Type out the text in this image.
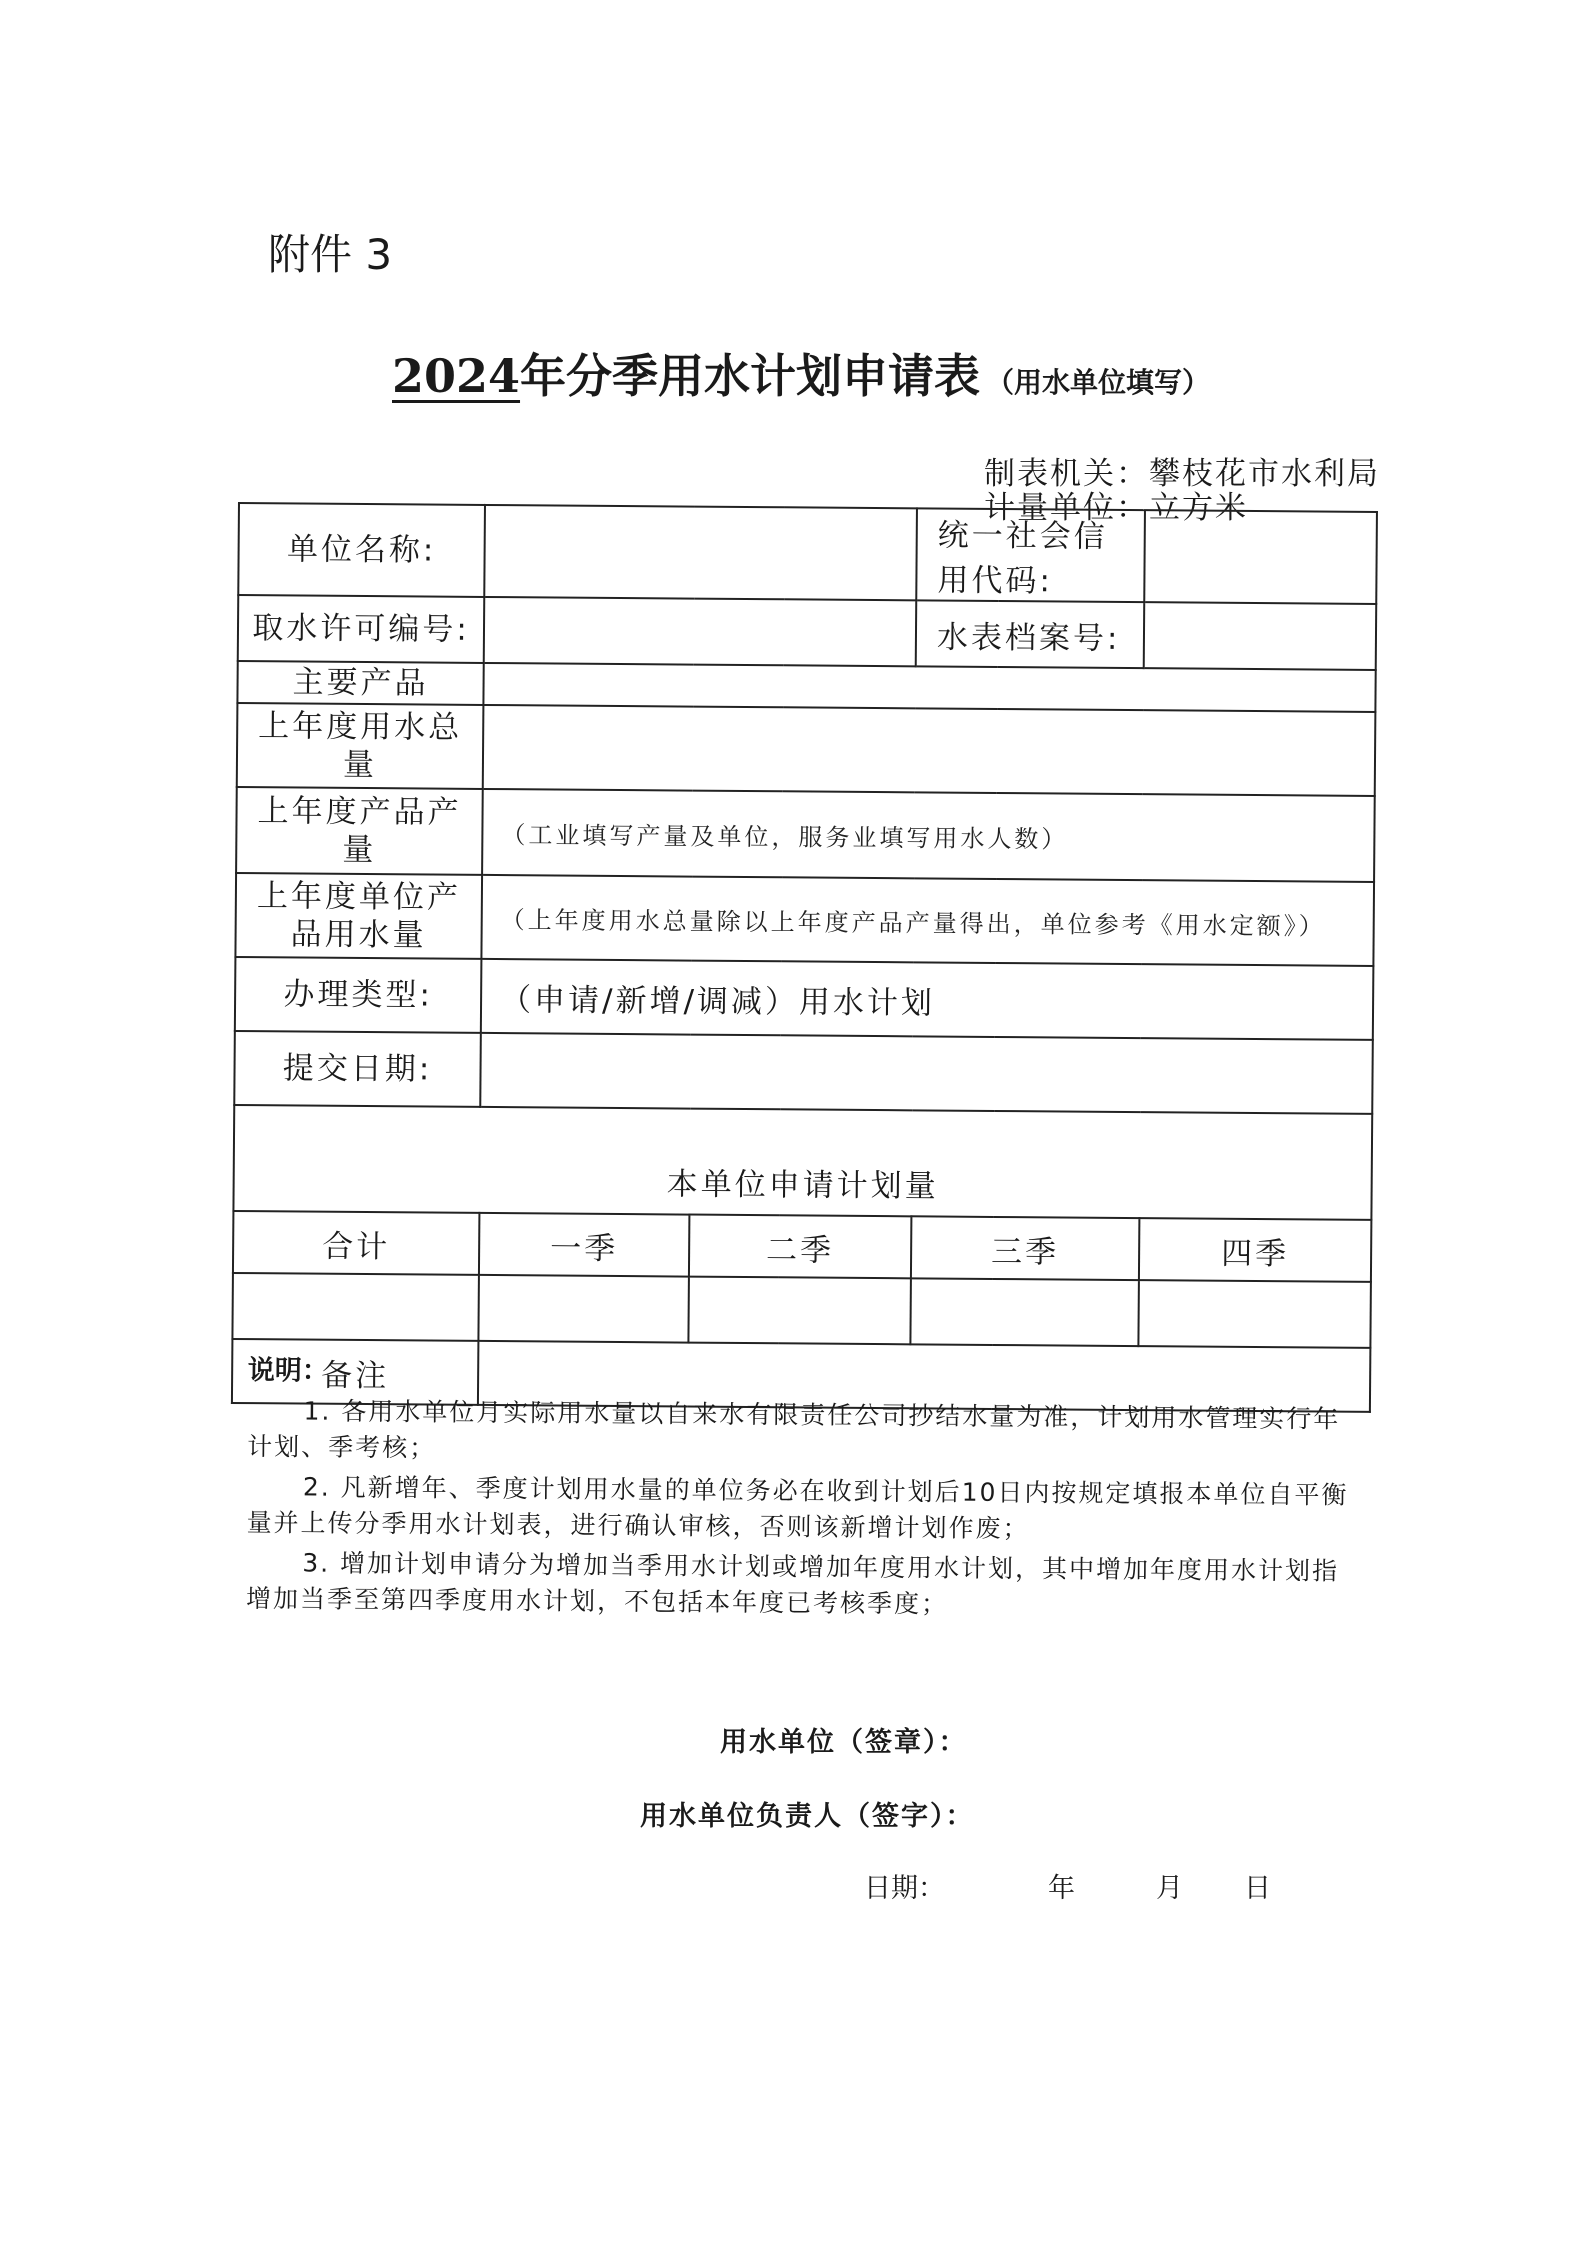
附件 3
2024年分季用水计划申请表 （用水单位填写）
制表机关：攀枝花市水利局
计量单位：立方米
单位名称:			统一社会信用代码:	
取水许可编号:			水表档案号:	
主要产品				
上年度用水总量				
上年度产品产量	（工业填写产量及单位，服务业填写用水人数）			
上年度单位产品用水量	（上年度用水总量除以上年度产品产量得出，单位参考《用水定额》）			
办理类型:	（申请/新增/调减）用水计划			
提交日期:				
本单位申请计划量				
合计	一季	二季	三季	四季

备注				
说明：

1. 各用水单位月实际用水量以自来水有限责任公司抄结水量为准，计划用水管理实行年计划、季考核；

2. 凡新增年、季度计划用水量的单位务必在收到计划后10日内按规定填报本单位自平衡量并上传分季用水计划表，进行确认审核，否则该新增计划作废；

3. 增加计划申请分为增加当季用水计划或增加年度用水计划，其中增加年度用水计划指增加当季至第四季度用水计划，不包括本年度已考核季度；

用水单位（签章）：
用水单位负责人（签字）：
日期：	年	月 日
